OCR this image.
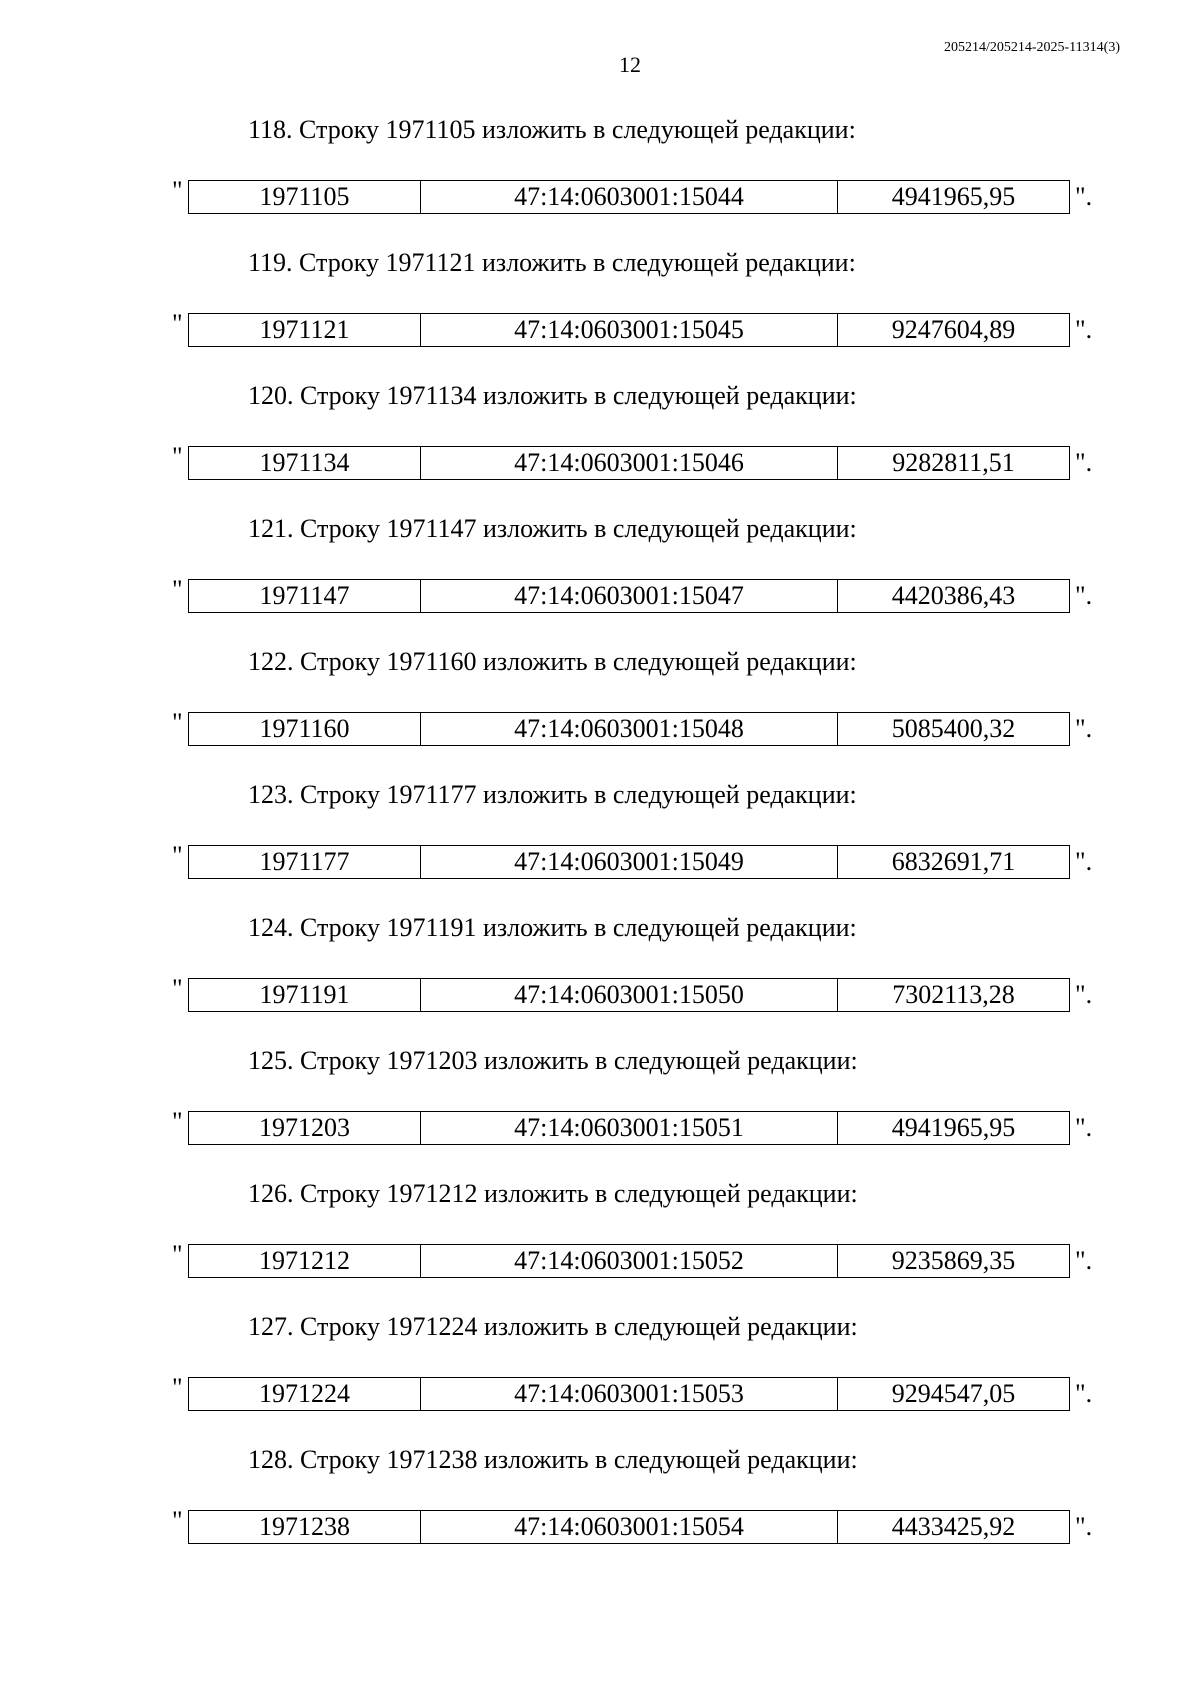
205214/205214-2025-11314(3)
12
118. Строку 1971105 изложить в следующей редакции:
"	1971105	47:14:0603001:15044	4941965,95 ".
119. Строку 1971121 изложить в следующей редакции:
"	1971121	47:14:0603001:15045	9247604,89 ".
120. Строку 1971134 изложить в следующей редакции:
"	1971134	47:14:0603001:15046	9282811,51 ".
121. Строку 1971147 изложить в следующей редакции:
"	1971147	47:14:0603001:15047	4420386,43 ".
122. Строку 1971160 изложить в следующей редакции:
"	1971160	47:14:0603001:15048	5085400,32 ".
123. Строку 1971177 изложить в следующей редакции:
"	1971177	47:14:0603001:15049	6832691,71 ".
124. Строку 1971191 изложить в следующей редакции:
"	1971191	47:14:0603001:15050	7302113,28 ".
125. Строку 1971203 изложить в следующей редакции:
"	1971203	47:14:0603001:15051	4941965,95 ".
126. Строку 1971212 изложить в следующей редакции:
"	1971212	47:14:0603001:15052	9235869,35 ".
127. Строку 1971224 изложить в следующей редакции:
"	1971224	47:14:0603001:15053	9294547,05 ".
128. Строку 1971238 изложить в следующей редакции:
"	1971238	47:14:0603001:15054	4433425,92 ".
